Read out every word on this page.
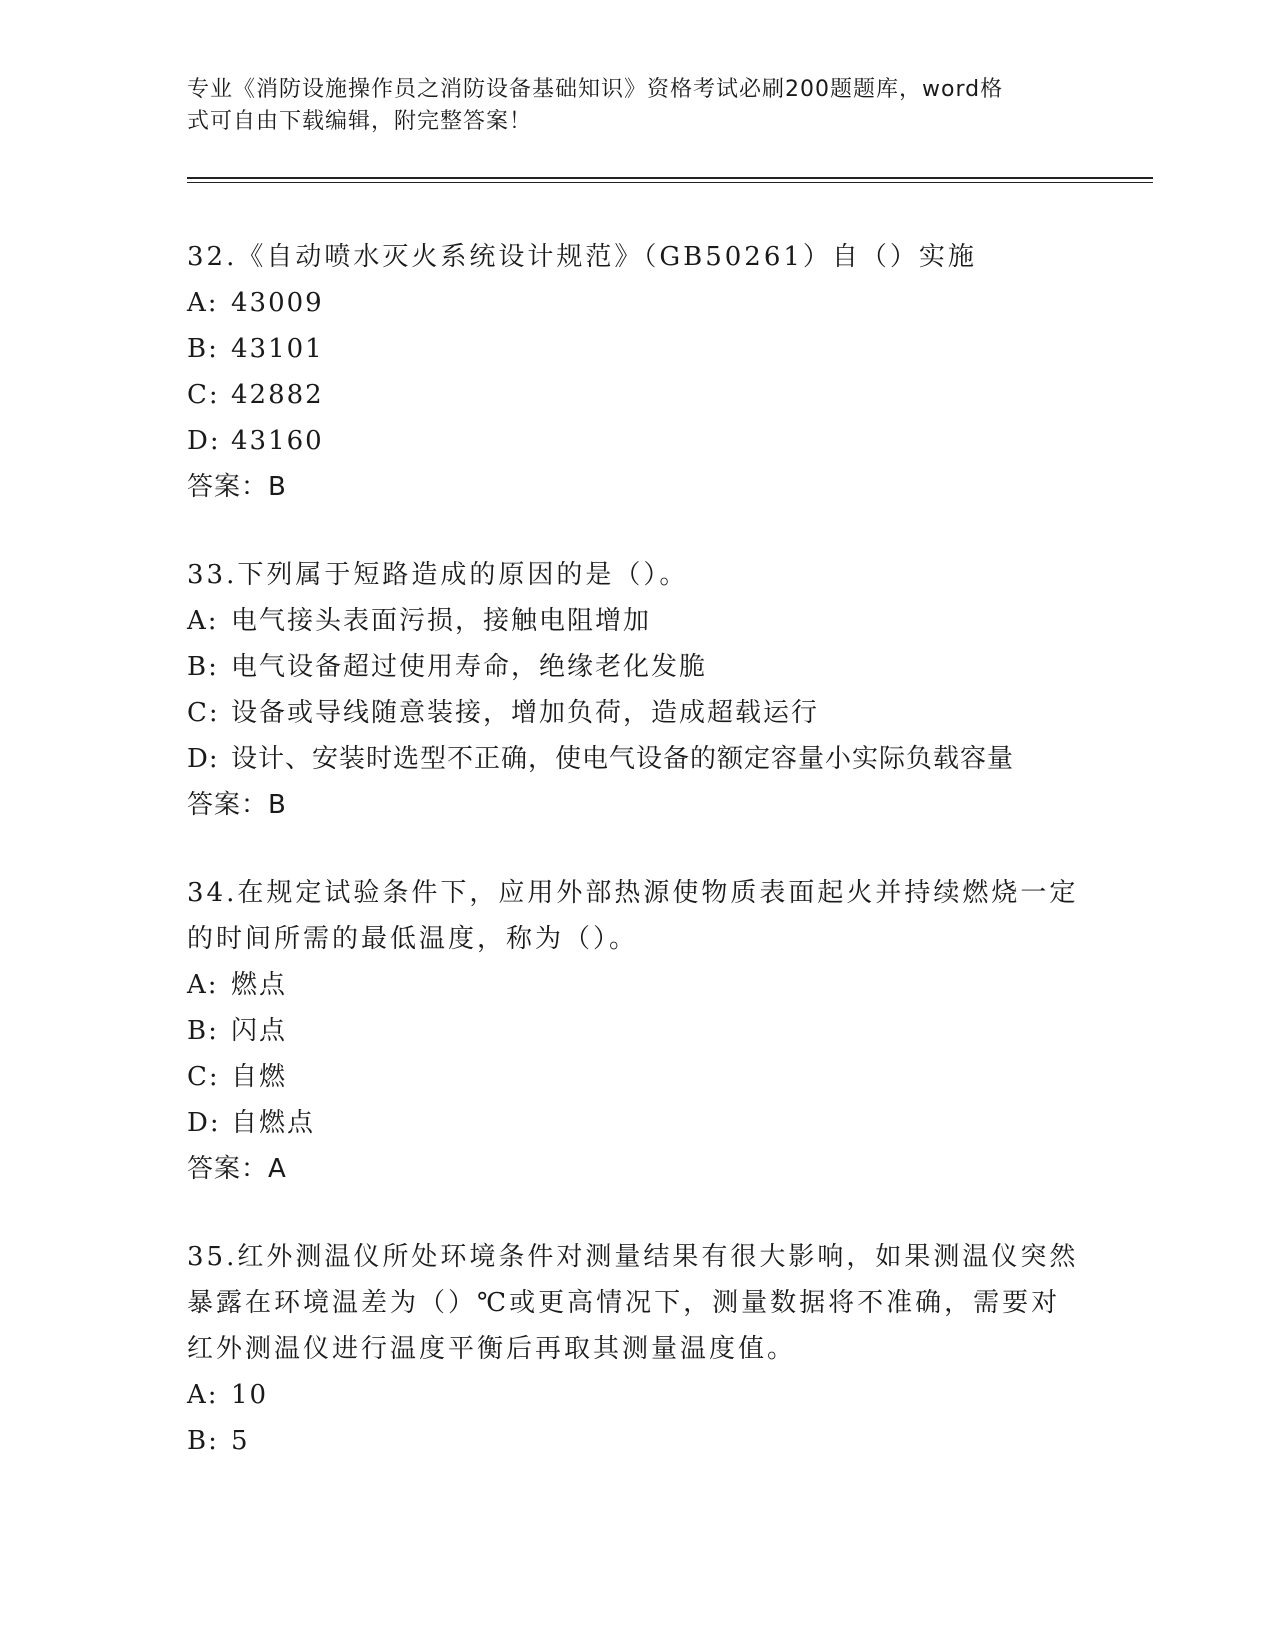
专业《消防设施操作员之消防设备基础知识》资格考试必刷200题题库，word格
式可自由下载编辑，附完整答案！

32.《自动喷水灭火系统设计规范》（GB50261）自（）实施

A: 43009

B: 43101

C: 42882

D: 43160

答案：B

33.下列属于短路造成的原因的是（）。

A: 电气接头表面污损，接触电阻增加

B: 电气设备超过使用寿命，绝缘老化发脆

C: 设备或导线随意装接，增加负荷，造成超载运行

D: 设计、安装时选型不正确，使电气设备的额定容量小实际负载容量

答案：B

34.在规定试验条件下，应用外部热源使物质表面起火并持续燃烧一定

的时间所需的最低温度，称为（）。

A: 燃点

B: 闪点

C: 自燃

D: 自燃点

答案：A

35.红外测温仪所处环境条件对测量结果有很大影响，如果测温仪突然

暴露在环境温差为（）℃或更高情况下，测量数据将不准确，需要对

红外测温仪进行温度平衡后再取其测量温度值。

A: 10

B: 5
